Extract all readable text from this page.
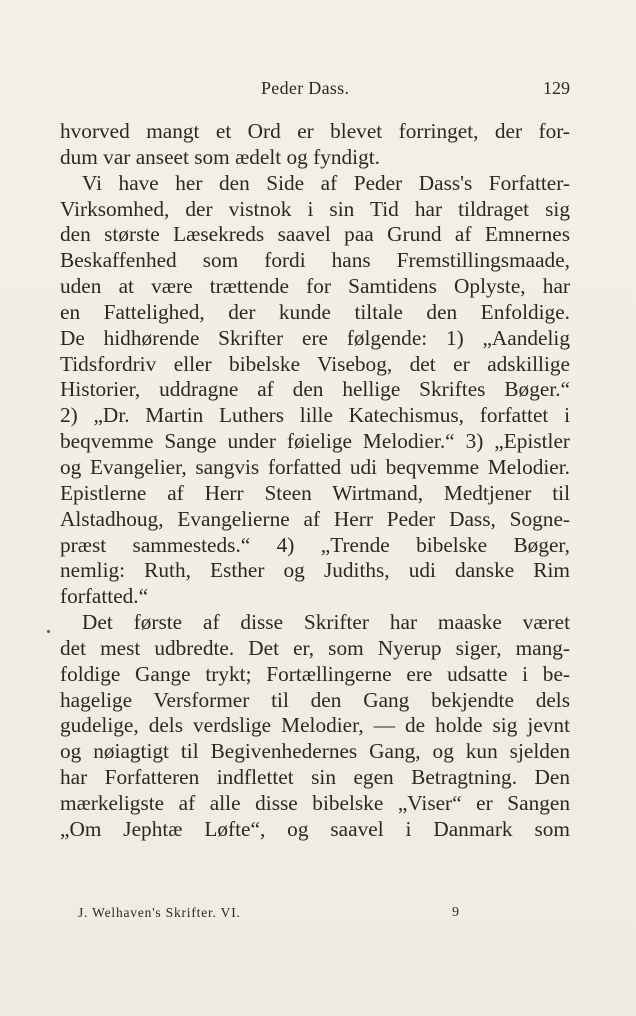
Peder Dass.	129
hvorved mangt et Ord er blevet forringet, der for-
dum var anseet som ædelt og fyndigt.
Vi have her den Side af Peder Dass's Forfatter-
Virksomhed, der vistnok i sin Tid har tildraget sig
den største Læsekreds saavel paa Grund af Emnernes
Beskaffenhed som fordi hans Fremstillingsmaade,
uden at være trættende for Samtidens Oplyste, har
en Fattelighed, der kunde tiltale den Enfoldige.
De hidhørende Skrifter ere følgende: 1) „Aandelig
Tidsfordriv eller bibelske Visebog, det er adskillige
Historier, uddragne af den hellige Skriftes Bøger.“
2) „Dr. Martin Luthers lille Katechismus, forfattet i
beqvemme Sange under føielige Melodier.“ 3) „Epistler
og Evangelier, sangvis forfatted udi beqvemme Melodier.
Epistlerne af Herr Steen Wirtmand, Medtjener til
Alstadhoug, Evangelierne af Herr Peder Dass, Sogne-
præst sammesteds.“ 4) „Trende bibelske Bøger,
nemlig: Ruth, Esther og Judiths, udi danske Rim
forfatted.“
Det første af disse Skrifter har maaske været
det mest udbredte. Det er, som Nyerup siger, mang-
foldige Gange trykt; Fortællingerne ere udsatte i be-
hagelige Versformer til den Gang bekjendte dels
gudelige, dels verdslige Melodier, — de holde sig jevnt
og nøiagtigt til Begivenhedernes Gang, og kun sjelden
har Forfatteren indflettet sin egen Betragtning. Den
mærkeligste af alle disse bibelske „Viser“ er Sangen
„Om Jephtæ Løfte“, og saavel i Danmark som
J. Welhaven's Skrifter. VI.	9
